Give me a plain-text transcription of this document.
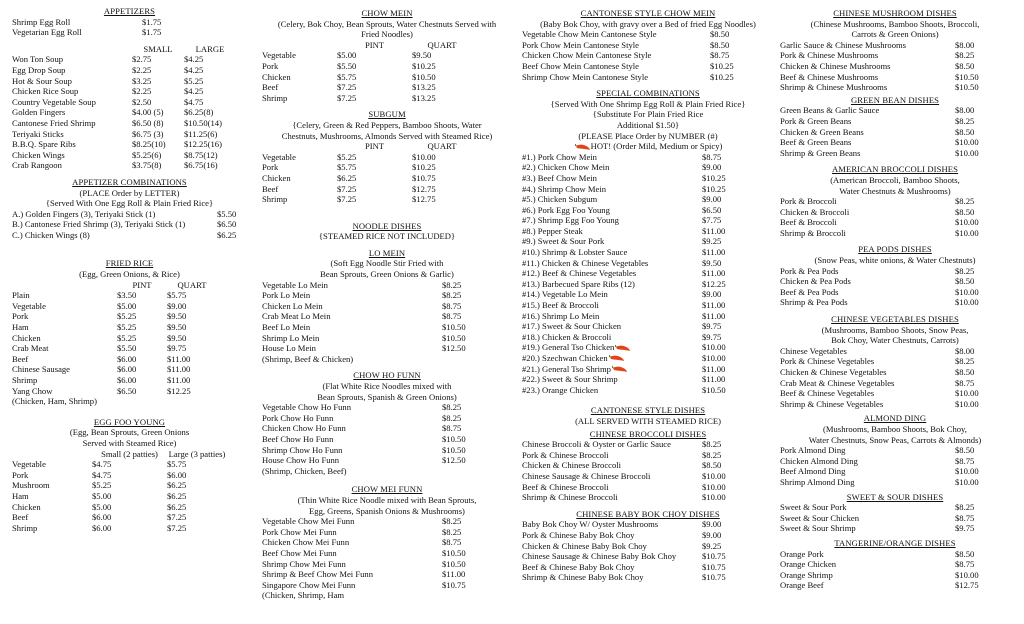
APPETIZERS
Shrimp Egg Roll	$1.75
Vegetarian Egg Roll	$1.75
SMALL	LARGE
Won Ton Soup	$2.75	$4.25
Egg Drop Soup	$2.25	$4.25
Hot & Sour Soup	$3.25	$5.25
Chicken Rice Soup	$2.25	$4.25
Country Vegetable Soup	$2.50	$4.75
Golden Fingers	$4.00 (5)	$6.25(8)
Cantonese Fried Shrimp	$6.50 (8)	$10.50(14)
Teriyaki Sticks	$6.75 (3)	$11.25(6)
B.B.Q. Spare Ribs	$8.25(10)	$12.25(16)
Chicken Wings	$5.25(6)	$8.75(12)
Crab Rangoon	$3.75(8)	$6.75(16)
APPETIZER COMBINATIONS
(PLACE Order by LETTER)
{Served With One Egg Roll & Plain Fried Rice}
A.) Golden Fingers (3), Teriyaki Stick (1)	$5.50
B.) Cantonese Fried Shrimp (3), Teriyaki Stick (1)	$6.50
C.) Chicken Wings (8)	$6.25
FRIED RICE
(Egg, Green Onions, & Rice)
PINT	QUART
Plain	$3.50	$5.75
Vegetable	$5.00	$9.00
Pork	$5.25	$9.50
Ham	$5.25	$9.50
Chicken	$5.25	$9.50
Crab Meat	$5.50	$9.75
Beef	$6.00	$11.00
Chinese Sausage	$6.00	$11.00
Shrimp	$6.00	$11.00
Yang Chow	$6.50	$12.25
(Chicken, Ham, Shrimp)
EGG FOO YOUNG
(Egg, Bean Sprouts, Green Onions
Served with Steamed Rice)
Small (2 patties)	Large (3 patties)
Vegetable	$4.75	$5.75
Pork	$4.75	$6.00
Mushroom	$5.25	$6.25
Ham	$5.00	$6.25
Chicken	$5.00	$6.25
Beef	$6.00	$7.25
Shrimp	$6.00	$7.25
CHOW MEIN
(Celery, Bok Choy, Bean Sprouts, Water Chestnuts Served with
Fried Noodles)
PINT	QUART
Vegetable	$5.00	$9.50
Pork	$5.50	$10.25
Chicken	$5.75	$10.50
Beef	$7.25	$13.25
Shrimp	$7.25	$13.25
SUBGUM
{Celery, Green & Red Peppers, Bamboo Shoots, Water
Chestnuts, Mushrooms, Almonds Served with Steamed Rice)
PINT	QUART
Vegetable	$5.25	$10.00
Pork	$5.75	$10.25
Chicken	$6.25	$10.75
Beef	$7.25	$12.75
Shrimp	$7.25	$12.75
NOODLE DISHES
{STEAMED RICE NOT INCLUDED}
LO MEIN
(Soft Egg Noodle Stir Fried with
Bean Sprouts, Green Onions & Garlic)
Vegetable Lo Mein	$8.25
Pork Lo Mein	$8.25
Chicken Lo Mein	$8.75
Crab Meat Lo Mein	$8.75
Beef Lo Mein	$10.50
Shrimp Lo Mein	$10.50
House Lo Mein	$12.50
(Shrimp, Beef & Chicken)
CHOW HO FUNN
(Flat White Rice Noodles mixed with
Bean Sprouts, Spanish & Green Onions)
Vegetable Chow Ho Funn	$8.25
Pork Chow Ho Funn	$8.25
Chicken Chow Ho Funn	$8.75
Beef Chow Ho Funn	$10.50
Shrimp Chow Ho Funn	$10.50
House Chow Ho Funn	$12.50
(Shrimp, Chicken, Beef)
CHOW MEI FUNN
(Thin White Rice Noodle mixed with Bean Sprouts,
Egg, Greens, Spanish Onions & Mushrooms)
Vegetable Chow Mei Funn	$8.25
Pork Chow Mei Funn	$8.25
Chicken Chow Mei Funn	$8.75
Beef Chow Mei Funn	$10.50
Shrimp Chow Mei Funn	$10.50
Shrimp & Beef Chow Mei Funn	$11.00
Singapore Chow Mei Funn	$10.75
(Chicken, Shrimp, Ham
CANTONESE STYLE CHOW MEIN
(Baby Bok Choy, with gravy over a Bed of fried Egg Noodles)
Vegetable Chow Mein Cantonese Style	$8.50
Pork Chow Mein Cantonese Style	$8.50
Chicken Chow Mein Cantonese Style	$8.75
Beef Chow Mein Cantonese Style	$10.25
Shrimp Chow Mein Cantonese Style	$10.25
SPECIAL COMBINATIONS
{Served With One Shrimp Egg Roll & Plain Fried Rice}
{Substitute For Plain Fried Rice
Additional $1.50}
(PLEASE Place Order by NUMBER (#)
HOT! (Order Mild, Medium or Spicy)
#1.) Pork Chow Mein	$8.75
#2.) Chicken Chow Mein	$9.00
#3.) Beef Chow Mein	$10.25
#4.) Shrimp Chow Mein	$10.25
#5.) Chicken Subgum	$9.00
#6.) Pork Egg Foo Young	$6.50
#7.) Shrimp Egg Foo Young	$7.75
#8.) Pepper Steak	$11.00
#9.) Sweet & Sour Pork	$9.25
#10.) Shrimp & Lobster Sauce	$11.00
#11.) Chicken & Chinese Vegetables	$9.50
#12.) Beef & Chinese Vegetables	$11.00
#13.) Barbecued Spare Ribs (12)	$12.25
#14.) Vegetable Lo Mein	$9.00
#15.) Beef & Broccoli	$11.00
#16.) Shrimp Lo Mein	$11.00
#17.) Sweet & Sour Chicken	$9.75
#18.) Chicken & Broccoli	$9.75
#19.) General Tso Chicken	$10.00
#20.) Szechwan Chicken	$10.00
#21.) General Tso Shrimp	$11.00
#22.) Sweet & Sour Shrimp	$11.00
#23.) Orange Chicken	$10.50
CANTONESE STYLE DISHES
(ALL SERVED WITH STEAMED RICE)
CHINESE BROCCOLI DISHES
Chinese Broccoli & Oyster or Garlic Sauce	$8.25
Pork & Chinese Broccoli	$8.25
Chicken & Chinese Broccoli	$8.50
Chinese Sausage & Chinese Broccoli	$10.00
Beef & Chinese Broccoli	$10.00
Shrimp & Chinese Broccoli	$10.00
CHINESE BABY BOK CHOY DISHES
Baby Bok Choy W/ Oyster Mushrooms	$9.00
Pork & Chinese Baby Bok Choy	$9.00
Chicken & Chinese Baby Bok Choy	$9.25
Chinese Sausage & Chinese Baby Bok Choy	$10.75
Beef & Chinese Baby Bok Choy	$10.75
Shrimp & Chinese Baby Bok Choy	$10.75
CHINESE MUSHROOM DISHES
(Chinese Mushrooms, Bamboo Shoots, Broccoli,
Carrots & Green Onions)
Garlic Sauce & Chinese Mushrooms	$8.00
Pork & Chinese Mushrooms	$8.25
Chicken & Chinese Mushrooms	$8.50
Beef & Chinese Mushrooms	$10.50
Shrimp & Chinese Mushrooms	$10.50
GREEN BEAN DISHES
Green Beans & Garlic Sauce	$8.00
Pork & Green Beans	$8.25
Chicken & Green Beans	$8.50
Beef & Green Beans	$10.00
Shrimp & Green Beans	$10.00
AMERICAN BROCCOLI DISHES
(American Broccoli, Bamboo Shoots,
Water Chestnuts & Mushrooms)
Pork & Broccoli	$8.25
Chicken & Broccoli	$8.50
Beef & Broccoli	$10.00
Shrimp & Broccoli	$10.00
PEA PODS DISHES
(Snow Peas, white onions, & Water Chestnuts)
Pork & Pea Pods	$8.25
Chicken & Pea Pods	$8.50
Beef & Pea Pods	$10.00
Shrimp & Pea Pods	$10.00
CHINESE VEGETABLES DISHES
(Mushrooms, Bamboo Shoots, Snow Peas,
Bok Choy, Water Chestnuts, Carrots)
Chinese Vegetables	$8.00
Pork & Chinese Vegetables	$8.25
Chicken & Chinese Vegetables	$8.50
Crab Meat & Chinese Vegetables	$8.75
Beef & Chinese Vegetables	$10.00
Shrimp & Chinese Vegetables	$10.00
ALMOND DING
(Mushrooms, Bamboo Shoots, Bok Choy,
Water Chestnuts, Snow Peas, Carrots & Almonds)
Pork Almond Ding	$8.50
Chicken Almond Ding	$8.75
Beef Almond Ding	$10.00
Shrimp Almond Ding	$10.00
SWEET & SOUR DISHES
Sweet & Sour Pork	$8.25
Sweet & Sour Chicken	$8.75
Sweet & Sour Shrimp	$9.75
TANGERINE/ORANGE DISHES
Orange Pork	$8.50
Orange Chicken	$8.75
Orange Shrimp	$10.00
Orange Beef	$12.75
